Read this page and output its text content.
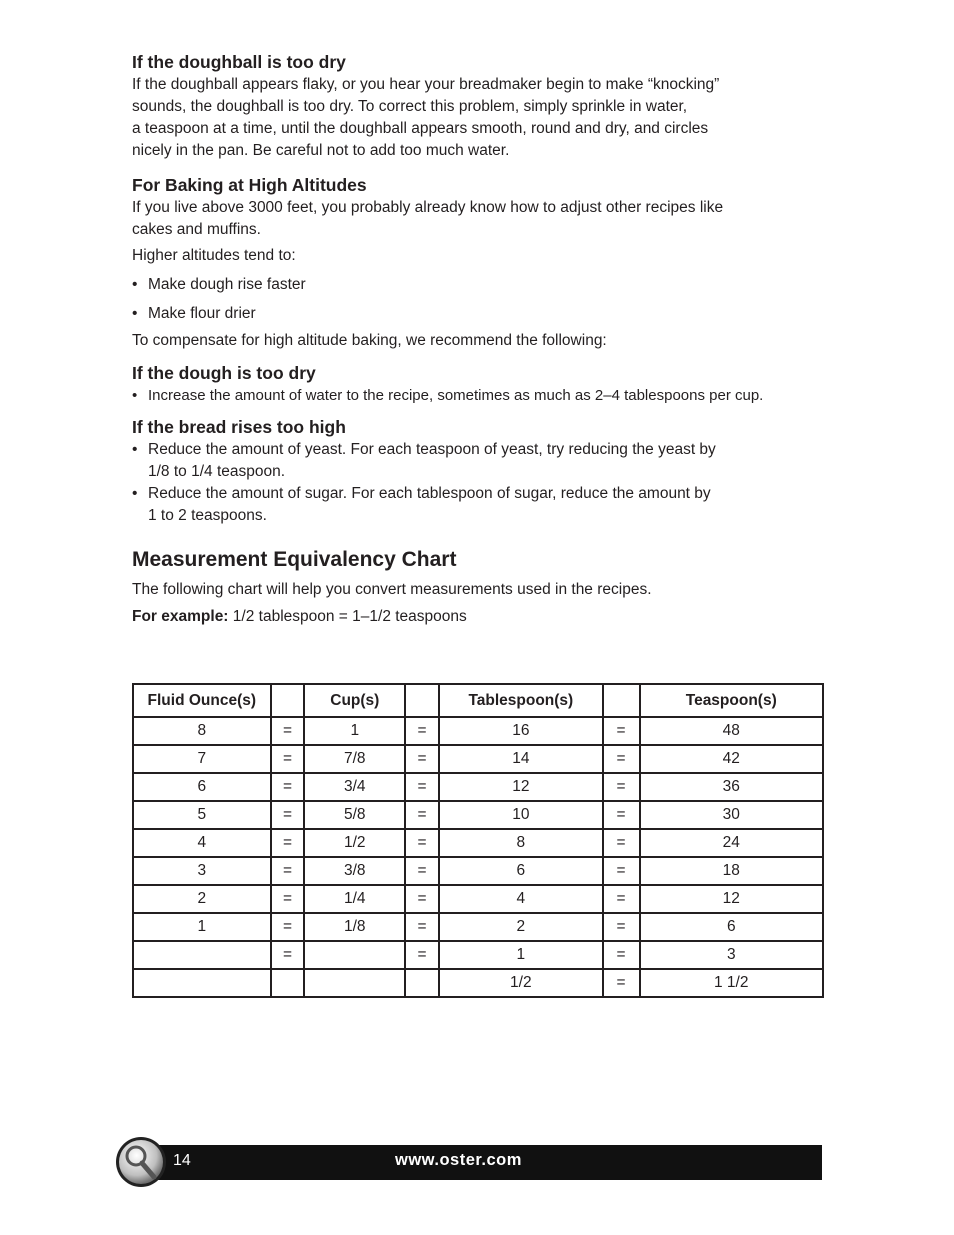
If the doughball is too dry

If the doughball appears flaky, or you hear your breadmaker begin to make “knocking”

sounds, the doughball is too dry. To correct this problem, simply sprinkle in water,

a teaspoon at a time, until the doughball appears smooth, round and dry, and circles

nicely in the pan. Be careful not to add too much water.

For Baking at High Altitudes

If you live above 3000 feet, you probably already know how to adjust other recipes like

cakes and muffins.

Higher altitudes tend to:

• Make dough rise faster

• Make flour drier

To compensate for high altitude baking, we recommend the following:

If the dough is too dry

• Increase the amount of water to the recipe, sometimes as much as 2–4 tablespoons per cup.

If the bread rises too high

• Reduce the amount of yeast. For each teaspoon of yeast, try reducing the yeast by

1/8 to 1/4 teaspoon.

• Reduce the amount of sugar. For each tablespoon of sugar, reduce the amount by

1 to 2 teaspoons.

Measurement Equivalency Chart

The following chart will help you convert measurements used in the recipes.

For example: 1/2 tablespoon = 1–1/2 teaspoons

Fluid Ounce(s)		Cup(s)		Tablespoon(s)		Teaspoon(s)
8	=	1	=	16	=	48
7	=	7/8	=	14	=	42
6	=	3/4	=	12	=	36
5	=	5/8	=	10	=	30
4	=	1/2	=	8	=	24
3	=	3/8	=	6	=	18
2	=	1/4	=	4	=	12
1	=	1/8	=	2	=	6
	=		=	1	=	3
				1/2	=	1 1/2
14	www.oster.com
